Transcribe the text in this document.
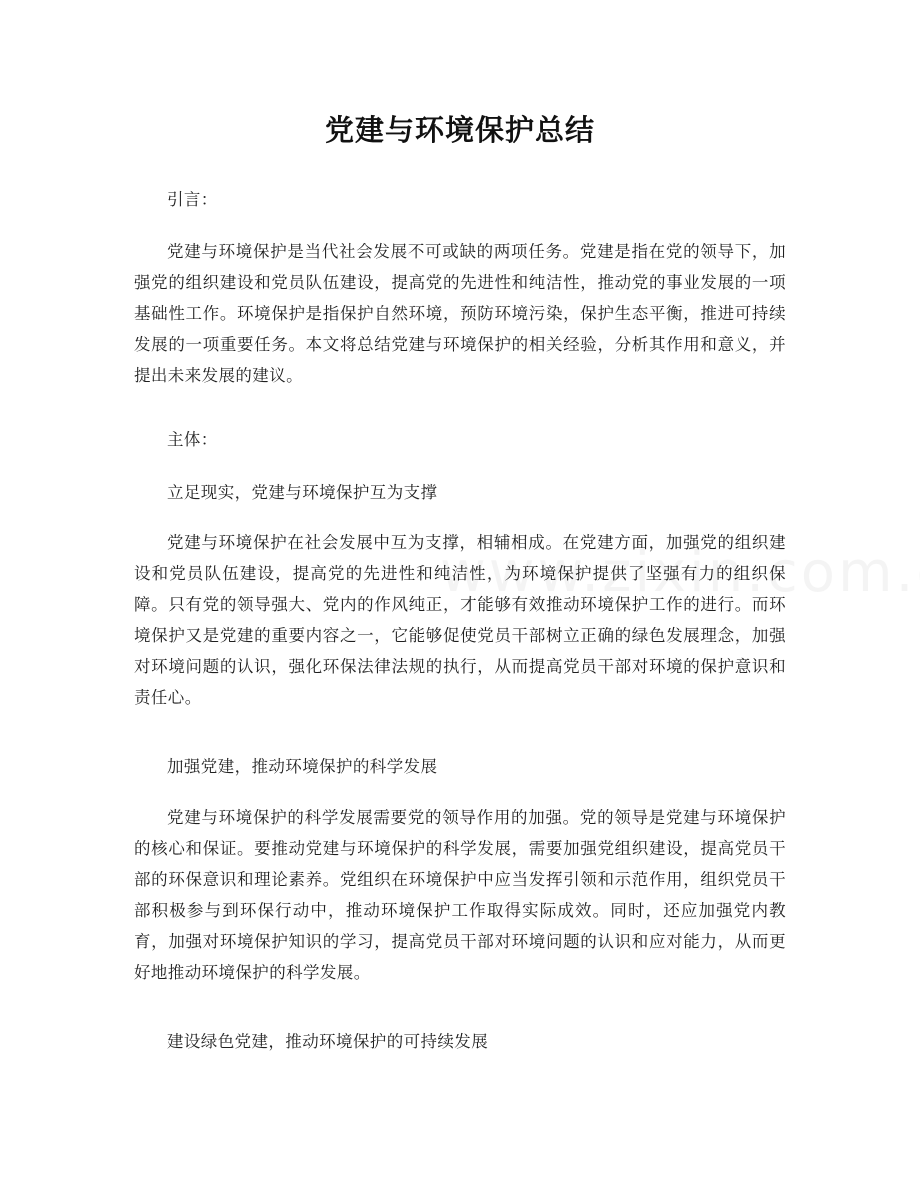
党建与环境保护总结

引言：

党建与环境保护是当代社会发展不可或缺的两项任务。党建是指在党的领导下，加强党的组织建设和党员队伍建设，提高党的先进性和纯洁性，推动党的事业发展的一项基础性工作。环境保护是指保护自然环境，预防环境污染，保护生态平衡，推进可持续发展的一项重要任务。本文将总结党建与环境保护的相关经验，分析其作用和意义，并提出未来发展的建议。

主体：

立足现实，党建与环境保护互为支撑

党建与环境保护在社会发展中互为支撑，相辅相成。在党建方面，加强党的组织建设和党员队伍建设，提高党的先进性和纯洁性，为环境保护提供了坚强有力的组织保障。只有党的领导强大、党内的作风纯正，才能够有效推动环境保护工作的进行。而环境保护又是党建的重要内容之一，它能够促使党员干部树立正确的绿色发展理念，加强对环境问题的认识，强化环保法律法规的执行，从而提高党员干部对环境的保护意识和责任心。

加强党建，推动环境保护的科学发展

党建与环境保护的科学发展需要党的领导作用的加强。党的领导是党建与环境保护的核心和保证。要推动党建与环境保护的科学发展，需要加强党组织建设，提高党员干部的环保意识和理论素养。党组织在环境保护中应当发挥引领和示范作用，组织党员干部积极参与到环保行动中，推动环境保护工作取得实际成效。同时，还应加强党内教育，加强对环境保护知识的学习，提高党员干部对环境问题的认识和应对能力，从而更好地推动环境保护的科学发展。

建设绿色党建，推动环境保护的可持续发展
